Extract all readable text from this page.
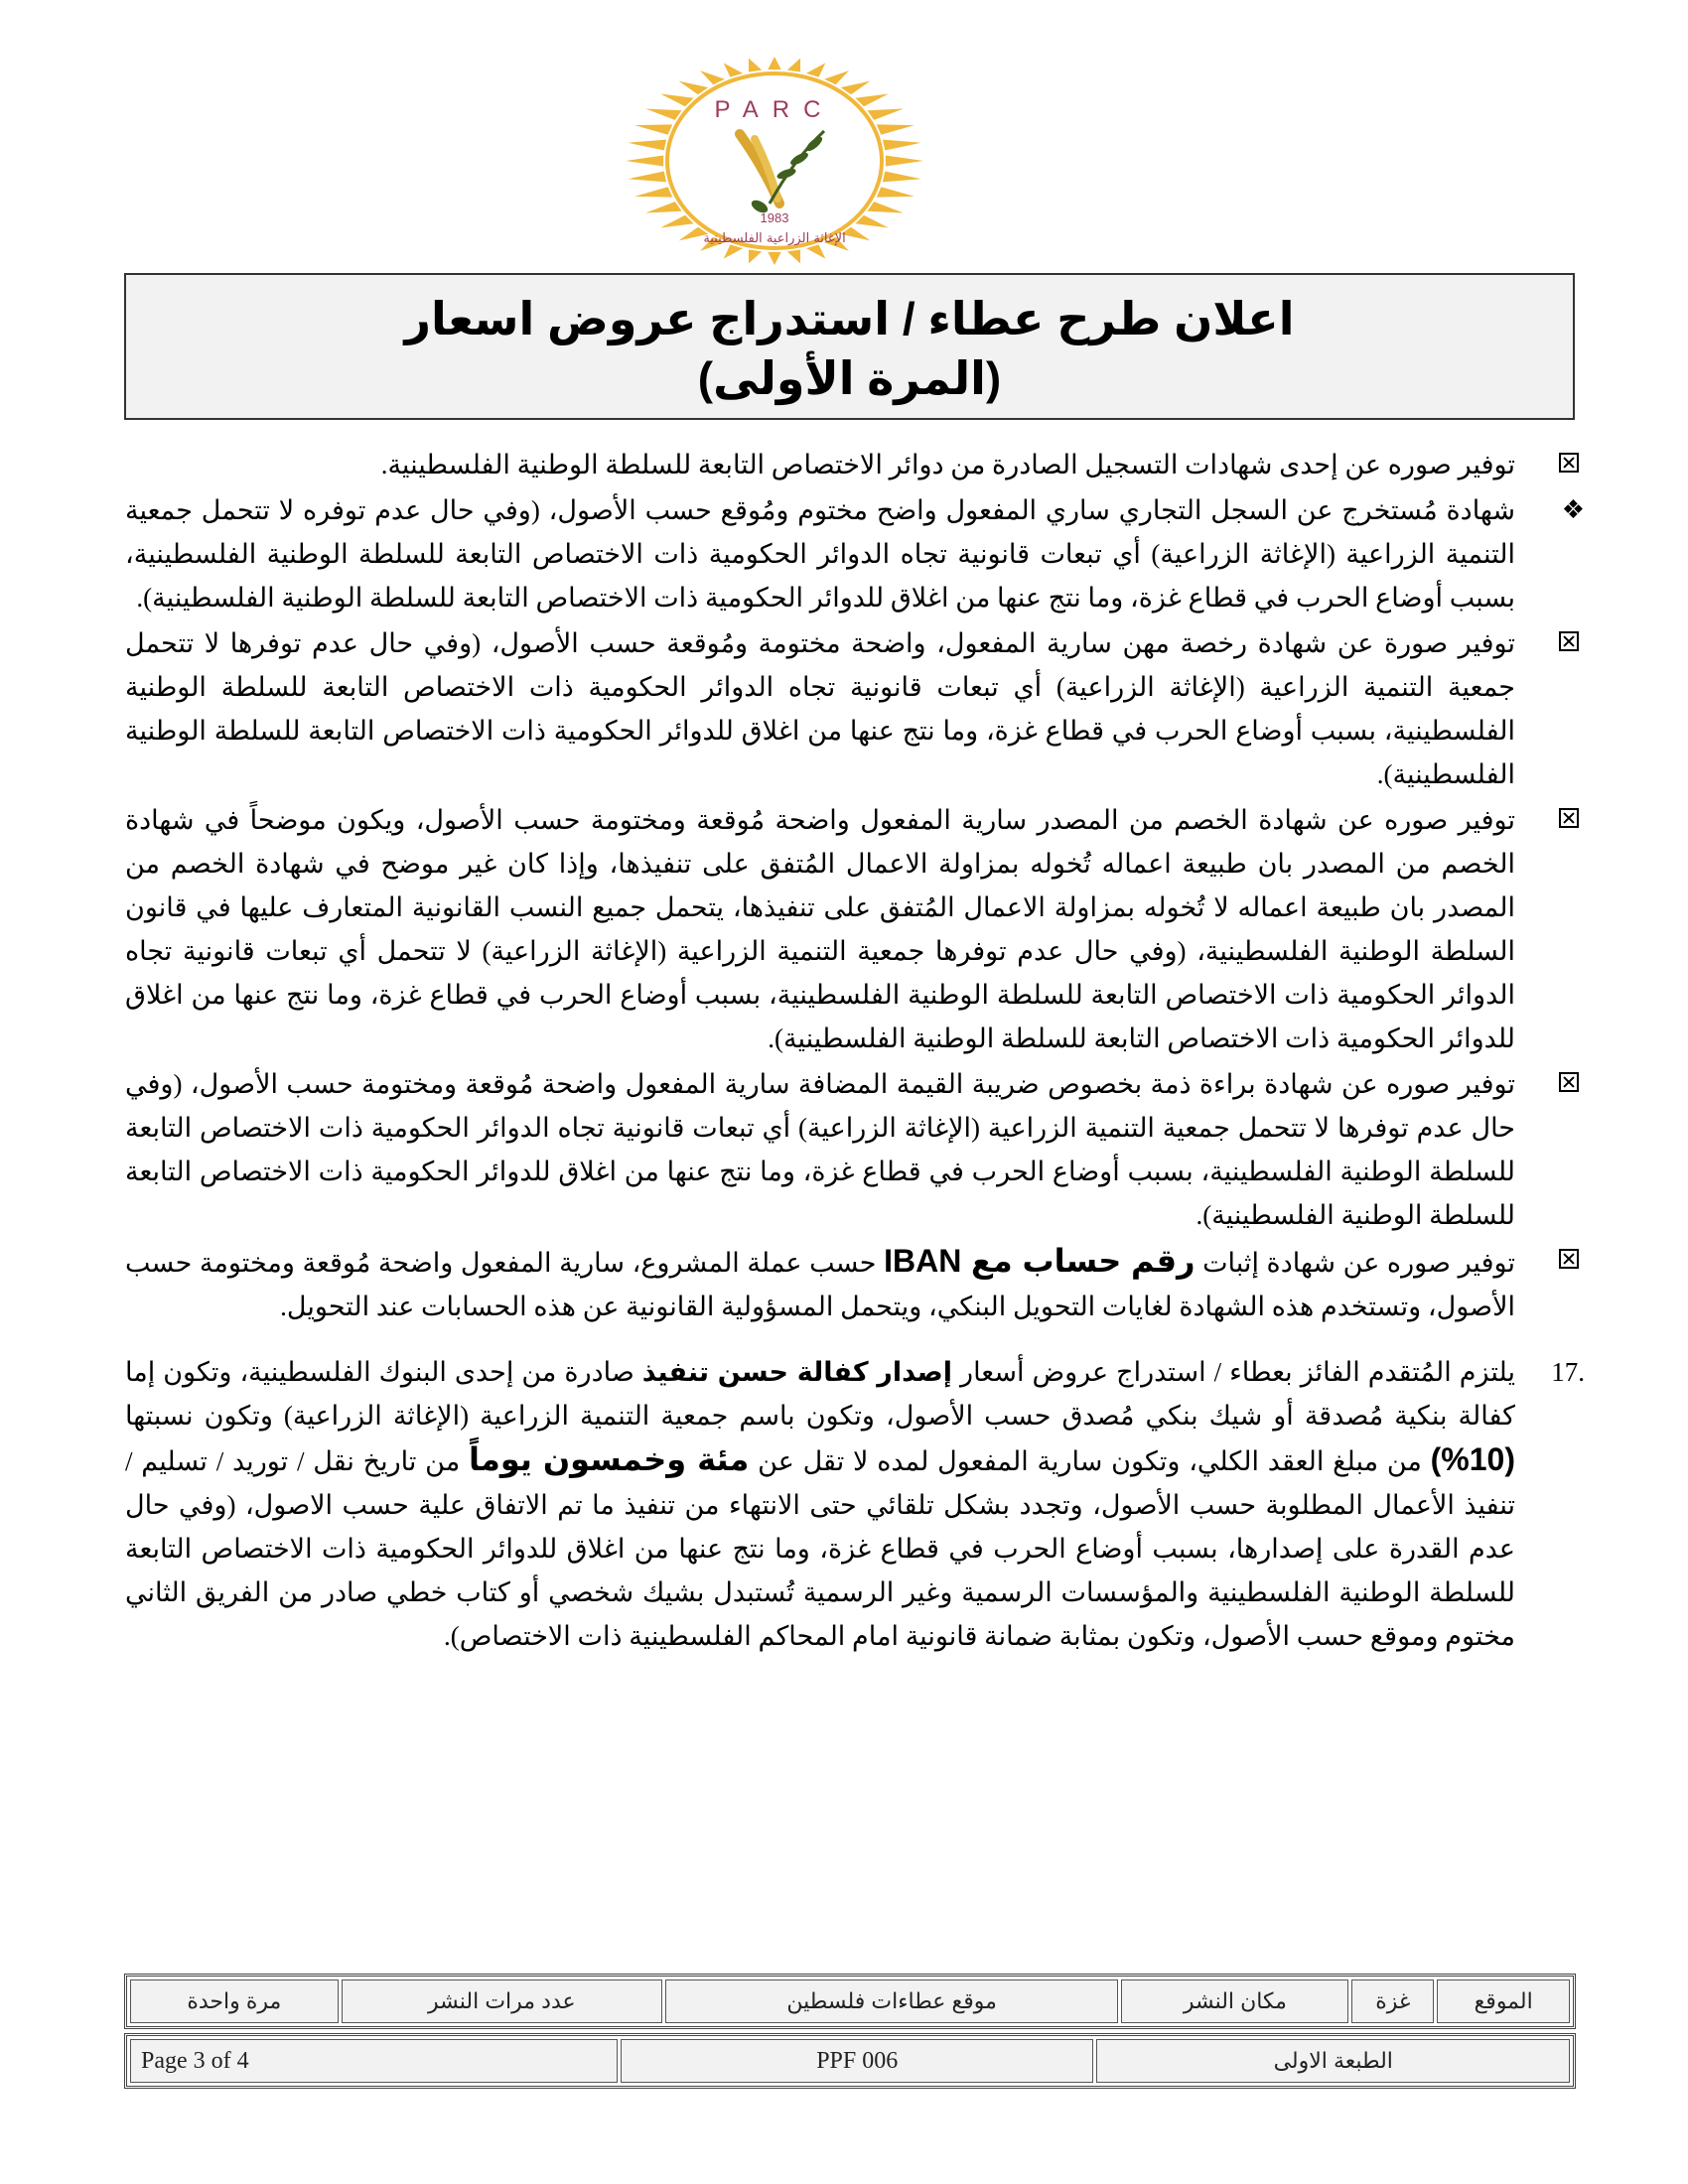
PARC
1983
الإغاثة الزراعية الفلسطينية
اعلان طرح عطاء / استدراج عروض اسعار
(المرة الأولى)
توفير صوره عن إحدى شهادات التسجيل الصادرة من دوائر الاختصاص التابعة للسلطة الوطنية الفلسطينية.
❖
شهادة مُستخرج عن السجل التجاري ساري المفعول واضح مختوم ومُوقع حسب الأصول، (وفي حال عدم توفره لا تتحمل جمعية التنمية الزراعية (الإغاثة الزراعية) أي تبعات قانونية تجاه الدوائر الحكومية ذات الاختصاص التابعة للسلطة الوطنية الفلسطينية، بسبب أوضاع الحرب في قطاع غزة، وما نتج عنها من اغلاق للدوائر الحكومية ذات الاختصاص التابعة للسلطة الوطنية الفلسطينية).
توفير صورة عن شهادة رخصة مهن سارية المفعول، واضحة مختومة ومُوقعة حسب الأصول، (وفي حال عدم توفرها لا تتحمل جمعية التنمية الزراعية (الإغاثة الزراعية) أي تبعات قانونية تجاه الدوائر الحكومية ذات الاختصاص التابعة للسلطة الوطنية الفلسطينية، بسبب أوضاع الحرب في قطاع غزة، وما نتج عنها من اغلاق للدوائر الحكومية ذات الاختصاص التابعة للسلطة الوطنية الفلسطينية).
توفير صوره عن شهادة الخصم من المصدر سارية المفعول واضحة مُوقعة ومختومة حسب الأصول، ويكون موضحاً في شهادة الخصم من المصدر بان طبيعة اعماله تُخوله بمزاولة الاعمال المُتفق على تنفيذها، وإذا كان غير موضح في شهادة الخصم من المصدر بان طبيعة اعماله لا تُخوله بمزاولة الاعمال المُتفق على تنفيذها، يتحمل جميع النسب القانونية المتعارف عليها في قانون السلطة الوطنية الفلسطينية، (وفي حال عدم توفرها جمعية التنمية الزراعية (الإغاثة الزراعية) لا تتحمل أي تبعات قانونية تجاه الدوائر الحكومية ذات الاختصاص التابعة للسلطة الوطنية الفلسطينية، بسبب أوضاع الحرب في قطاع غزة، وما نتج عنها من اغلاق للدوائر الحكومية ذات الاختصاص التابعة للسلطة الوطنية الفلسطينية).
توفير صوره عن شهادة براءة ذمة بخصوص ضريبة القيمة المضافة سارية المفعول واضحة مُوقعة ومختومة حسب الأصول، (وفي حال عدم توفرها لا تتحمل جمعية التنمية الزراعية (الإغاثة الزراعية) أي تبعات قانونية تجاه الدوائر الحكومية ذات الاختصاص التابعة للسلطة الوطنية الفلسطينية، بسبب أوضاع الحرب في قطاع غزة، وما نتج عنها من اغلاق للدوائر الحكومية ذات الاختصاص التابعة للسلطة الوطنية الفلسطينية).
توفير صوره عن شهادة إثبات رقم حساب مع IBAN حسب عملة المشروع، سارية المفعول واضحة مُوقعة ومختومة حسب الأصول، وتستخدم هذه الشهادة لغايات التحويل البنكي، ويتحمل المسؤولية القانونية عن هذه الحسابات عند التحويل.
17.
يلتزم المُتقدم الفائز بعطاء / استدراج عروض أسعار إصدار كفالة حسن تنفيذ صادرة من إحدى البنوك الفلسطينية، وتكون إما كفالة بنكية مُصدقة أو شيك بنكي مُصدق حسب الأصول، وتكون باسم جمعية التنمية الزراعية (الإغاثة الزراعية) وتكون نسبتها (10%) من مبلغ العقد الكلي، وتكون سارية المفعول لمده لا تقل عن مئة وخمسون يوماً من تاريخ نقل / توريد / تسليم / تنفيذ الأعمال المطلوبة حسب الأصول، وتجدد بشكل تلقائي حتى الانتهاء من تنفيذ ما تم الاتفاق علية حسب الاصول، (وفي حال عدم القدرة على إصدارها، بسبب أوضاع الحرب في قطاع غزة، وما نتج عنها من اغلاق للدوائر الحكومية ذات الاختصاص التابعة للسلطة الوطنية الفلسطينية والمؤسسات الرسمية وغير الرسمية تُستبدل بشيك شخصي أو كتاب خطي صادر من الفريق الثاني مختوم وموقع حسب الأصول، وتكون بمثابة ضمانة قانونية امام المحاكم الفلسطينية ذات الاختصاص).
الموقع	غزة	مكان النشر	موقع عطاءات فلسطين	عدد مرات النشر	مرة واحدة
الطبعة الاولى	PPF 006	Page 3 of 4
